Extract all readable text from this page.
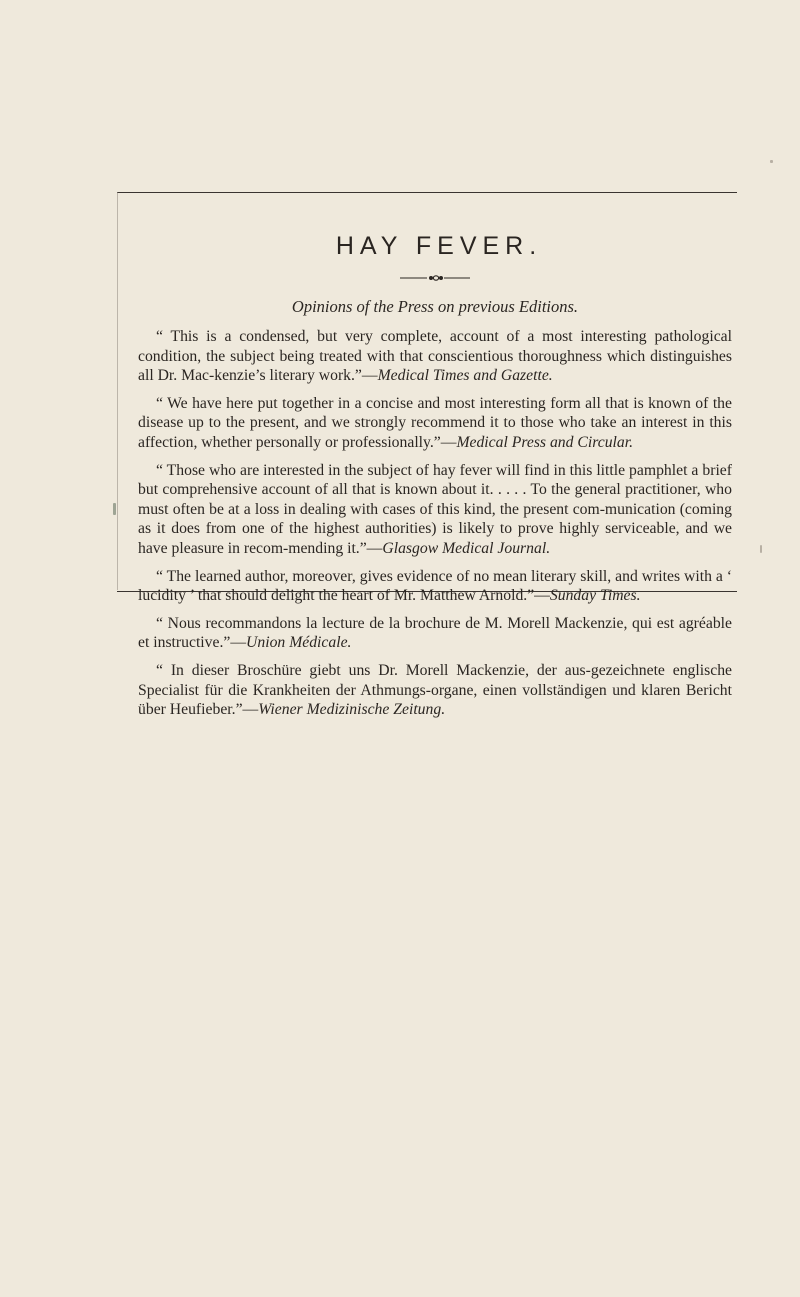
HAY FEVER.

Opinions of the Press on previous Editions.

“ This is a condensed, but very complete, account of a most interesting pathological condition, the subject being treated with that conscientious thoroughness which distinguishes all Dr. Mac-kenzie’s literary work.”—Medical Times and Gazette.

“ We have here put together in a concise and most interesting form all that is known of the disease up to the present, and we strongly recommend it to those who take an interest in this affection, whether personally or professionally.”—Medical Press and Circular.

“ Those who are interested in the subject of hay fever will find in this little pamphlet a brief but comprehensive account of all that is known about it. . . . . To the general practitioner, who must often be at a loss in dealing with cases of this kind, the present com-munication (coming as it does from one of the highest authorities) is likely to prove highly serviceable, and we have pleasure in recom-mending it.”—Glasgow Medical Journal.

“ The learned author, moreover, gives evidence of no mean literary skill, and writes with a ‘ lucidity ’ that should delight the heart of Mr. Matthew Arnold.”—Sunday Times.

“ Nous recommandons la lecture de la brochure de M. Morell Mackenzie, qui est agréable et instructive.”—Union Médicale.

“ In dieser Broschüre giebt uns Dr. Morell Mackenzie, der aus-gezeichnete englische Specialist für die Krankheiten der Athmungs-organe, einen vollständigen und klaren Bericht über Heufieber.”—Wiener Medizinische Zeitung.
